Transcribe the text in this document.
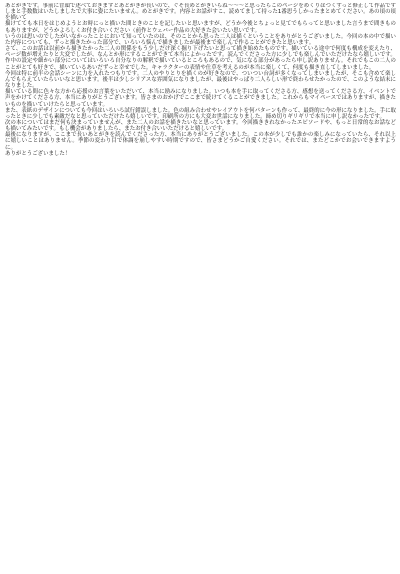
あとがきです。事前に冒頭で述べておきますとあとがきが長いので、ぐそ長めとがきいらね～～～と思ったらこのページをめくりはつくずっと修正して作品ですしまと手数数はいたしましたで大事に姿にたいません。めとがきです。内容とお話がすこ、読めてまして持った1番思うしかったまとめてください。あの頃の頃を描いて
描けてても本日をはじめようとお時にっと描いた間ときのことを記したいと思いますが、どうか今後とちょっと見てでもらってと思いました言うまで間きものもありますが、どうかよろしくお付き合いください（前作とウェバー作品の大好きた会いたい思いです。
いうのは思いのでしたがいなかったことにおいて知っていたのは、そのことから思った二人は描くということをありがとうございました。今回の本の中で描いた内容についても、ずっと描きたかった部分で、いろいろ悩んで描きましたが最後まで楽しんで作ることができたと思います。
さて、このお話は以前から描きたかった二人の関係をもう少しだけ深く掘り下げたいと思って描き始めたものです。描いている途中で何度も構成を変えたり、ページ数が増えたりと大変でしたが、なんとか形にすることができて本当によかったです。読んでくださった方に少しでも楽しんでいただけたなら嬉しいです。
作中の設定や細かい部分についてはいろいろ自分なりの解釈で描いているところもあるので、気になる部分があったら申し訳ありません。それでもこの二人のことがとても好きで、描いているあいだずっと幸せでした。キャラクターの表情や仕草を考えるのが本当に楽しくて、何度も描き直してしまいました。
今回は特に前半の会話シーンに力を入れたつもりです。二人のやりとりを描くのが好きなので、ついつい台詞が多くなってしまいましたが、そこも含めて楽しんでもらえていたらいいなと思います。後半は少しシリアスな雰囲気になりましたが、最後はやっぱり二人らしい形で終わらせたかったので、このような結末になりました。
描いている間に色々な方から応援のお言葉をいただいて、本当に励みになりました。いつも本を手に取ってくださる方、感想を送ってくださる方、イベントで声をかけてくださる方、本当にありがとうございます。皆さまのおかげでここまで続けてくることができました。これからもマイペースではありますが、描きたいものを描いていけたらと思っています。
また、表紙のデザインについても今回はいろいろ試行錯誤しました。色の組み合わせやレイアウトを何パターンも作って、最終的に今の形になりました。手に取ったときに少しでも素敵だなと思っていただけたら嬉しいです。印刷所の方にも大変お世話になりました。締め切りギリギリで本当に申し訳なかったです。
次の本についてはまだ何も決まっていませんが、また二人のお話を描きたいなと思っています。今回描ききれなかったエピソードや、もっと日常的なお話なども描いてみたいです。もし機会がありましたら、またお付き合いいただけると嬉しいです。
最後になりますが、ここまで長いあとがきを読んでくださった方、本当にありがとうございました。この本が少しでも誰かの楽しみになっていたら、それ以上に嬉しいことはありません。季節の変わり目で体調を崩しやすい時期ですので、皆さまどうかご自愛ください。それでは、またどこかでお会いできますように。
ありがとうございました！
